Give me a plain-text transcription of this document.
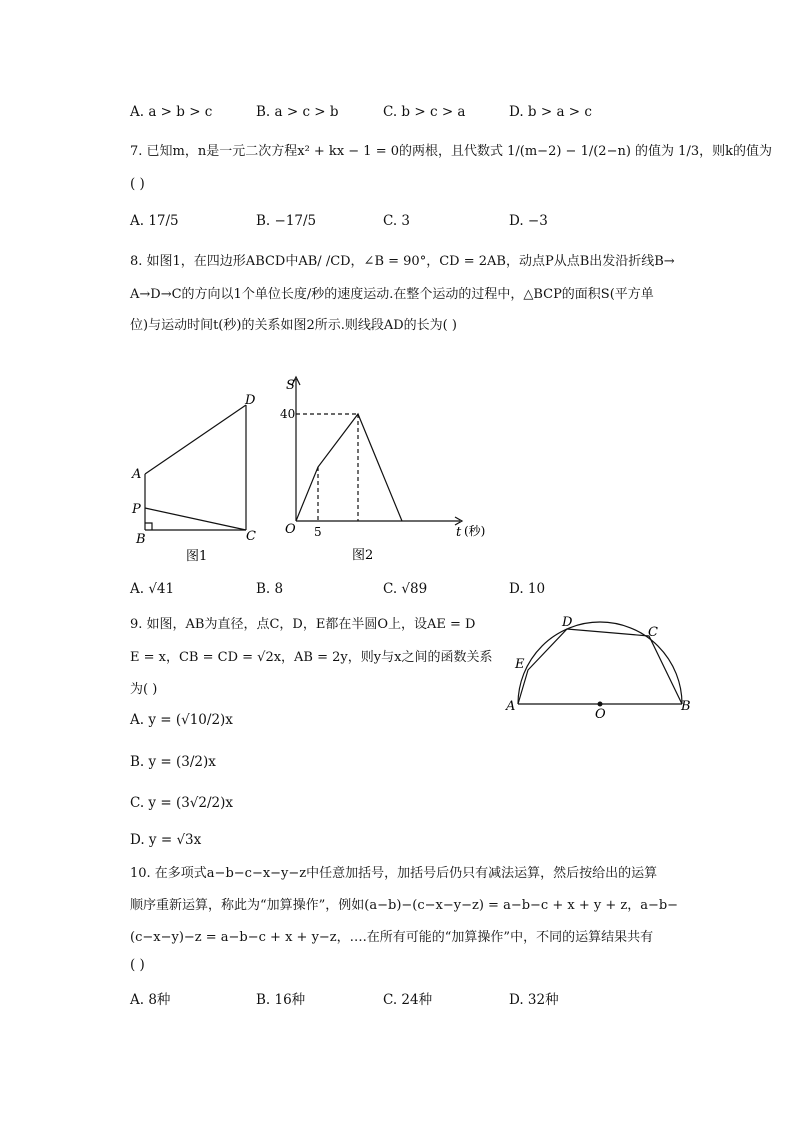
A. a > b > c	B. a > c > b	C. b > c > a	D. b > a > c
7. 已知m，n是一元二次方程x² + kx − 1 = 0的两根，且代数式 1/(m−2) − 1/(2−n) 的值为 1/3，则k的值为
( )
A. 17/5	B. −17/5	C. 3	D. −3
8. 如图1，在四边形ABCD中AB/ /CD，∠B = 90°，CD = 2AB，动点P从点B出发沿折线B→
A→D→C的方向以1个单位长度/秒的速度运动.在整个运动的过程中，△BCP的面积S(平方单
位)与运动时间t(秒)的关系如图2所示.则线段AD的长为( )
D
A
P
B	C
图1
S
40
O 5	t (秒)
图2
A. √41	B. 8	C. √89	D. 10
9. 如图，AB为直径，点C，D，E都在半圆O上，设AE = D
E = x，CB = CD = √2x，AB = 2y，则y与x之间的函数关系
为( )
D
C
E
A
O
B
A. y = (√10/2)x
B. y = (3/2)x
C. y = (3√2/2)x
D. y = √3x
10. 在多项式a−b−c−x−y−z中任意加括号，加括号后仍只有减法运算，然后按给出的运算
顺序重新运算，称此为“加算操作”，例如(a−b)−(c−x−y−z) = a−b−c + x + y + z，a−b−
(c−x−y)−z = a−b−c + x + y−z，….在所有可能的“加算操作”中，不同的运算结果共有
( )
A. 8种	B. 16种	C. 24种	D. 32种
